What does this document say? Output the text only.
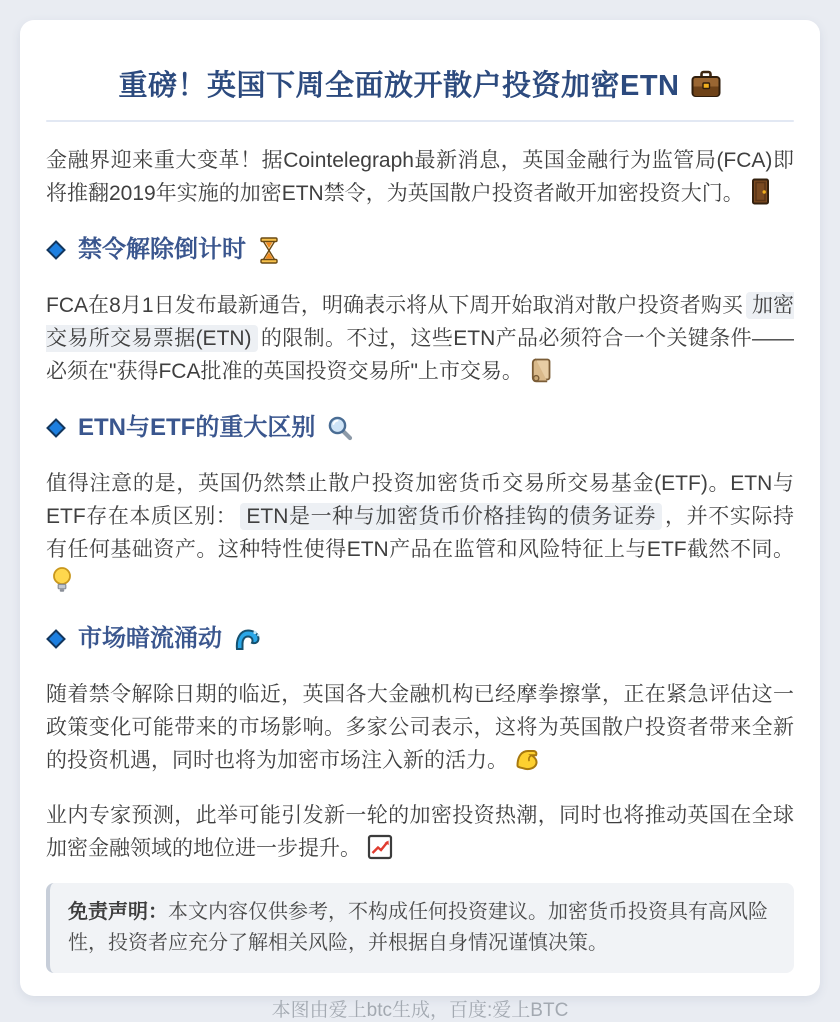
重磅！英国下周全面放开散户投资加密ETN

金融界迎来重大变革！据Cointelegraph最新消息，英国金融行为监管局(FCA)即将推翻2019年实施的加密ETN禁令，为英国散户投资者敞开加密投资大门。

禁令解除倒计时

FCA在8月1日发布最新通告，明确表示将从下周开始取消对散户投资者购买 加密交易所交易票据(ETN) 的限制。不过，这些ETN产品必须符合一个关键条件——必须在"获得FCA批准的英国投资交易所"上市交易。

ETN与ETF的重大区别

值得注意的是，英国仍然禁止散户投资加密货币交易所交易基金(ETF)。ETN与ETF存在本质区别： ETN是一种与加密货币价格挂钩的债务证券 ，并不实际持有任何基础资产。这种特性使得ETN产品在监管和风险特征上与ETF截然不同。

市场暗流涌动

随着禁令解除日期的临近，英国各大金融机构已经摩拳擦掌，正在紧急评估这一政策变化可能带来的市场影响。多家公司表示，这将为英国散户投资者带来全新的投资机遇，同时也将为加密市场注入新的活力。

业内专家预测，此举可能引发新一轮的加密投资热潮，同时也将推动英国在全球加密金融领域的地位进一步提升。

免责声明：本文内容仅供参考，不构成任何投资建议。加密货币投资具有高风险性，投资者应充分了解相关风险，并根据自身情况谨慎决策。
本图由爱上btc生成，百度:爱上BTC
